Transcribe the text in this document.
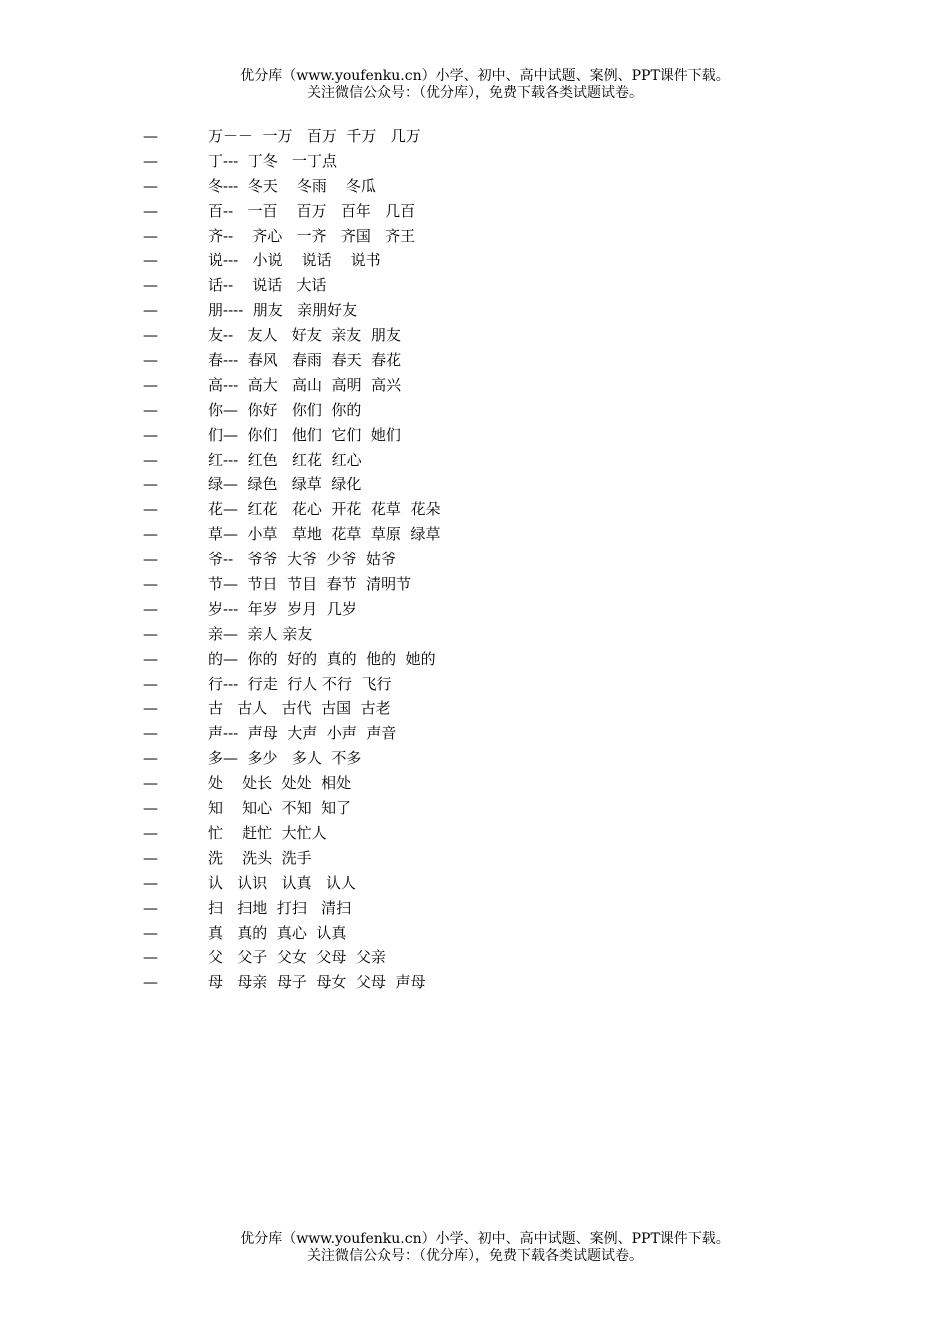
优分库（www.youfenku.cn）小学、初中、高中试题、案例、PPT课件下载。
关注微信公众号：（优分库），免费下载各类试题试卷。
—	万－－  一万   百万  千万   几万
—	丁---  丁冬   一丁点
—	冬---  冬天    冬雨    冬瓜
—	百--   一百    百万   百年   几百
—	齐--    齐心   一齐   齐国   齐王
—	说---   小说    说话    说书
—	话--    说话   大话
—	朋----  朋友   亲朋好友
—	友--   友人   好友  亲友  朋友
—	春---  春风   春雨  春天  春花
—	高---  高大   高山  高明  高兴
—	你—  你好   你们  你的
—	们—  你们   他们  它们  她们
—	红---  红色   红花  红心
—	绿—  绿色   绿草  绿化
—	花—  红花   花心  开花  花草  花朵
—	草—  小草   草地  花草  草原  绿草
—	爷--   爷爷  大爷  少爷  姑爷
—	节—  节日  节目  春节  清明节
—	岁---  年岁  岁月  几岁
—	亲—  亲人 亲友
—	的—  你的  好的  真的  他的  她的
—	行---  行走  行人 不行  飞行
—	古   古人   古代  古国  古老
—	声---  声母  大声  小声  声音
—	多—  多少   多人  不多
—	处    处长  处处  相处
—	知    知心  不知  知了
—	忙    赶忙  大忙人
—	洗    洗头  洗手
—	认   认识   认真   认人
—	扫   扫地  打扫   清扫
—	真   真的  真心  认真
—	父   父子  父女  父母  父亲
—	母   母亲  母子  母女  父母  声母
优分库（www.youfenku.cn）小学、初中、高中试题、案例、PPT课件下载。
关注微信公众号：（优分库），免费下载各类试题试卷。
